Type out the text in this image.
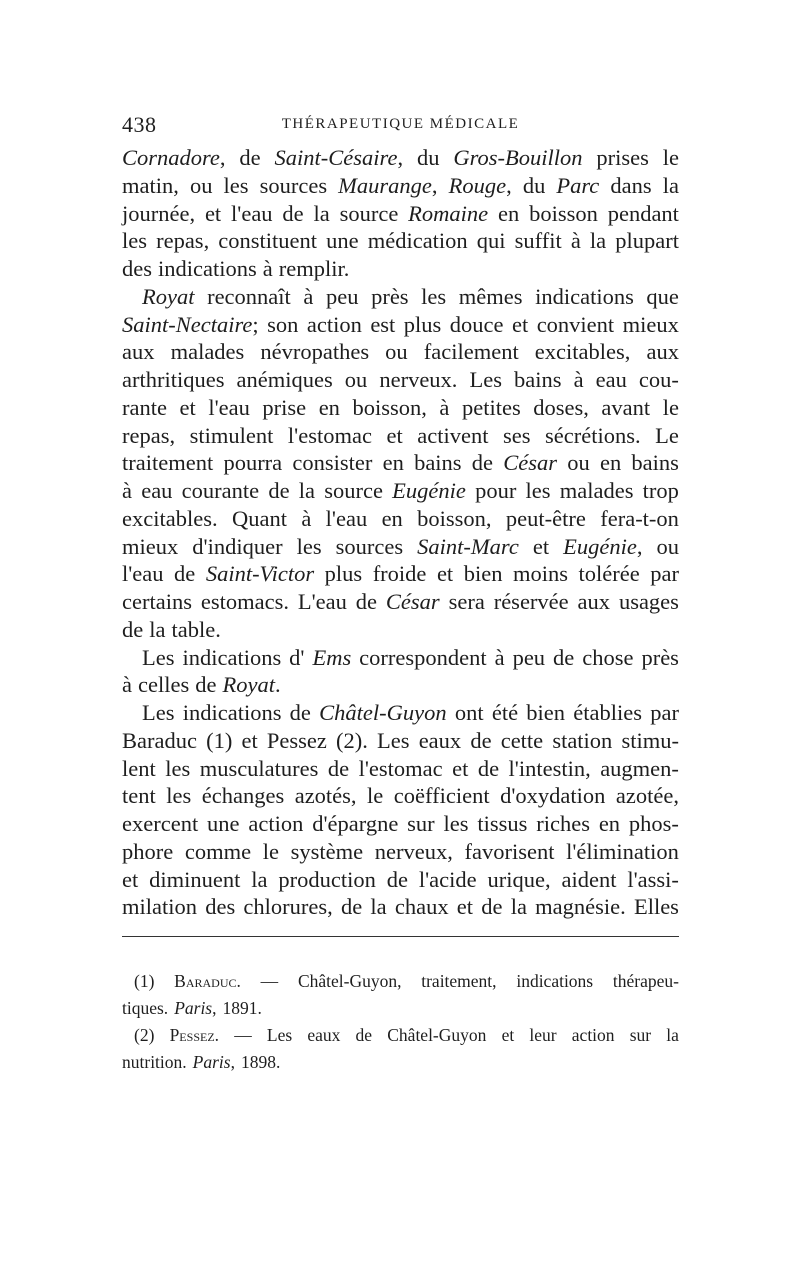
438	THÉRAPEUTIQUE MÉDICALE
Cornadore, de Saint-Césaire, du Gros-Bouillon prises le
matin, ou les sources Maurange, Rouge, du Parc dans la
journée, et l'eau de la source Romaine en boisson pendant
les repas, constituent une médication qui suffit à la plupart
des indications à remplir.
Royat reconnaît à peu près les mêmes indications que
Saint-Nectaire; son action est plus douce et convient mieux
aux malades névropathes ou facilement excitables, aux
arthritiques anémiques ou nerveux. Les bains à eau cou-
rante et l'eau prise en boisson, à petites doses, avant le
repas, stimulent l'estomac et activent ses sécrétions. Le
traitement pourra consister en bains de César ou en bains
à eau courante de la source Eugénie pour les malades trop
excitables. Quant à l'eau en boisson, peut-être fera-t-on
mieux d'indiquer les sources Saint-Marc et Eugénie, ou
l'eau de Saint-Victor plus froide et bien moins tolérée par
certains estomacs. L'eau de César sera réservée aux usages
de la table.
Les indications d' Ems correspondent à peu de chose près
à celles de Royat.
Les indications de Châtel-Guyon ont été bien établies par
Baraduc (1) et Pessez (2). Les eaux de cette station stimu-
lent les musculatures de l'estomac et de l'intestin, augmen-
tent les échanges azotés, le coëfficient d'oxydation azotée,
exercent une action d'épargne sur les tissus riches en phos-
phore comme le système nerveux, favorisent l'élimination
et diminuent la production de l'acide urique, aident l'assi-
milation des chlorures, de la chaux et de la magnésie. Elles
(1) Baraduc. — Châtel-Guyon, traitement, indications thérapeu-
tiques. Paris, 1891.
(2) Pessez. — Les eaux de Châtel-Guyon et leur action sur la
nutrition. Paris, 1898.
